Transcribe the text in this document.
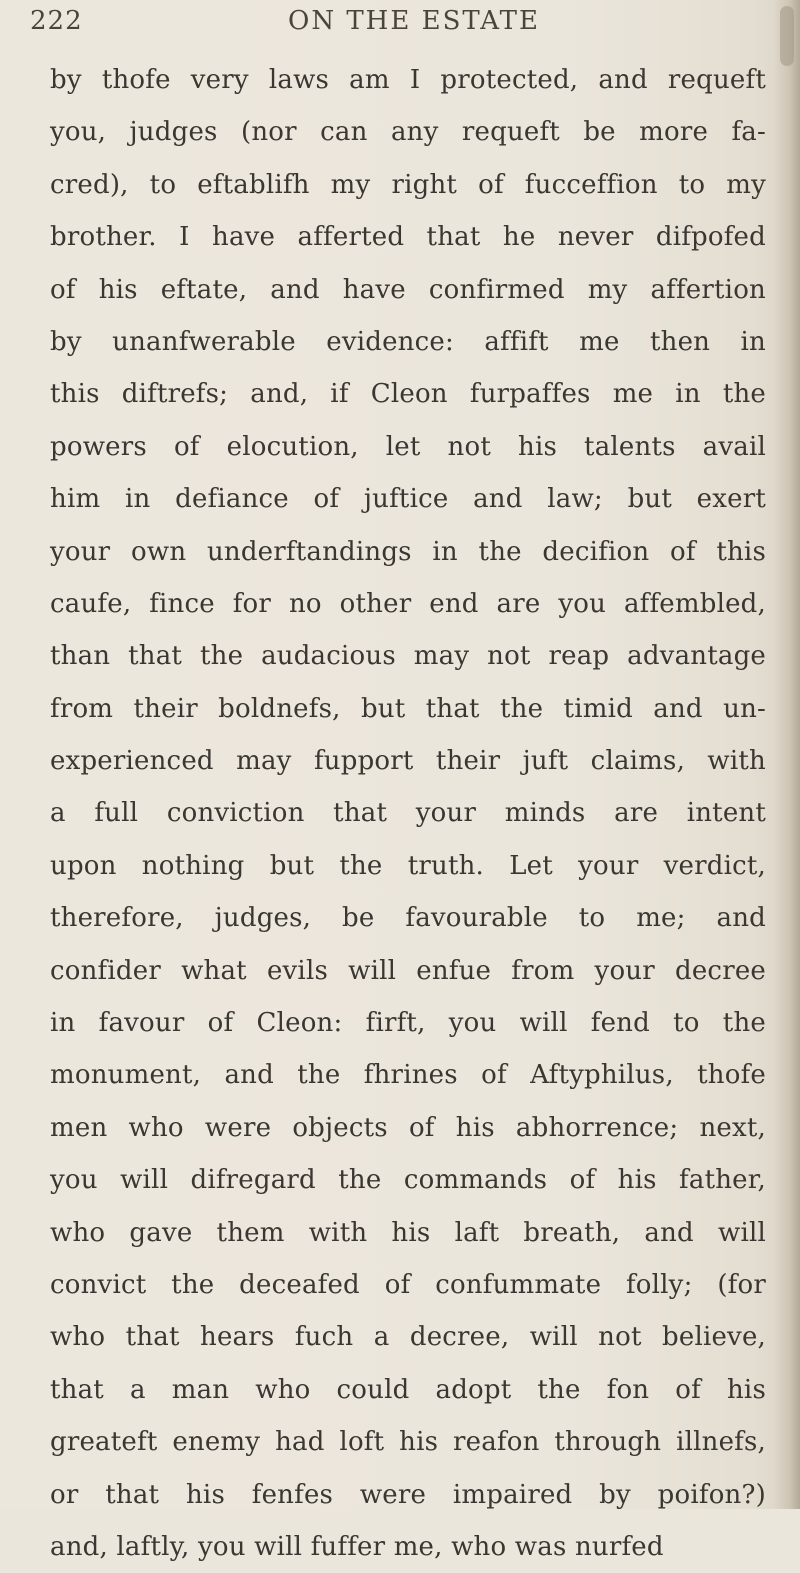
222	ON THE ESTATE
by thofe very laws am I protected, and requeft
you, judges (nor can any requeft be more fa-
cred), to eftablifh my right of fucceffion to my
brother. I have afferted that he never difpofed
of his eftate, and have confirmed my affertion
by unanfwerable evidence: affift me then in
this diftrefs; and, if Cleon furpaffes me in the
powers of elocution, let not his talents avail
him in defiance of juftice and law; but exert
your own underftandings in the decifion of this
caufe, fince for no other end are you affembled,
than that the audacious may not reap advantage
from their boldnefs, but that the timid and un-
experienced may fupport their juft claims, with
a full conviction that your minds are intent
upon nothing but the truth. Let your verdict,
therefore, judges, be favourable to me; and
confider what evils will enfue from your decree
in favour of Cleon: firft, you will fend to the
monument, and the fhrines of Aftyphilus, thofe
men who were objects of his abhorrence; next,
you will difregard the commands of his father,
who gave them with his laft breath, and will
convict the deceafed of confummate folly; (for
who that hears fuch a decree, will not believe,
that a man who could adopt the fon of his
greateft enemy had loft his reafon through illnefs,
or that his fenfes were impaired by poifon?)
and, laftly, you will fuffer me, who was nurfed
